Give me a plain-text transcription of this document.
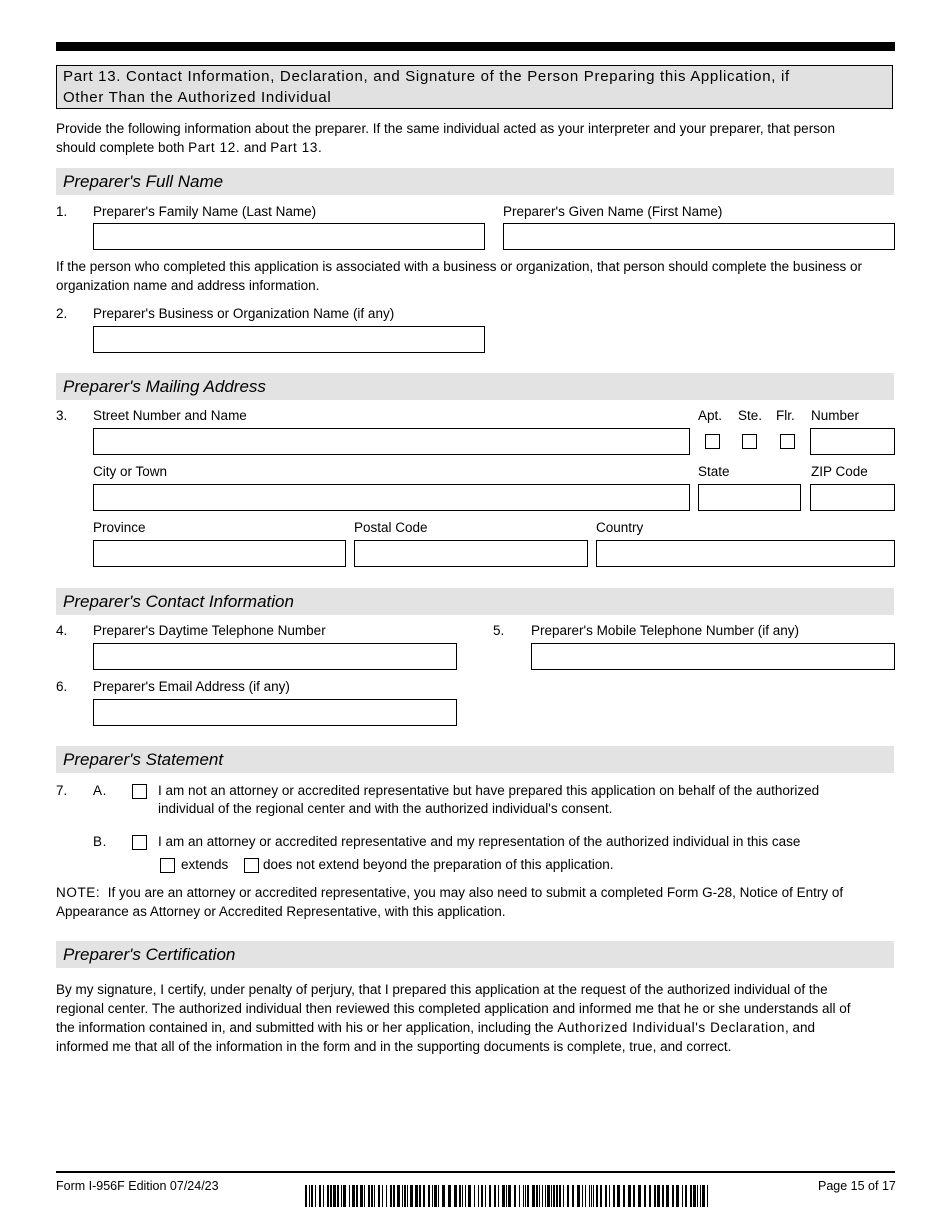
Part 13. Contact Information, Declaration, and Signature of the Person Preparing this Application, if
Other Than the Authorized Individual
Provide the following information about the preparer. If the same individual acted as your interpreter and your preparer, that person
should complete both Part 12. and Part 13.
Preparer's Full Name
1. Preparer's Family Name (Last Name)	Preparer's Given Name (First Name)
If the person who completed this application is associated with a business or organization, that person should complete the business or
organization name and address information.
2. Preparer's Business or Organization Name (if any)
Preparer's Mailing Address
3. Street Number and Name	Apt. Ste. Flr. Number
City or Town	State	ZIP Code
Province	Postal Code	Country
Preparer's Contact Information
4. Preparer's Daytime Telephone Number	5. Preparer's Mobile Telephone Number (if any)
6. Preparer's Email Address (if any)
Preparer's Statement
7. A.	I am not an attorney or accredited representative but have prepared this application on behalf of the authorized
individual of the regional center and with the authorized individual's consent.
B.	I am an attorney or accredited representative and my representation of the authorized individual in this case
extends	does not extend beyond the preparation of this application.
NOTE:  If you are an attorney or accredited representative, you may also need to submit a completed Form G-28, Notice of Entry of
Appearance as Attorney or Accredited Representative, with this application.
Preparer's Certification
By my signature, I certify, under penalty of perjury, that I prepared this application at the request of the authorized individual of the
regional center. The authorized individual then reviewed this completed application and informed me that he or she understands all of
the information contained in, and submitted with his or her application, including the Authorized Individual's Declaration, and
informed me that all of the information in the form and in the supporting documents is complete, true, and correct.
Form I-956F Edition 07/24/23	Page 15 of 17
